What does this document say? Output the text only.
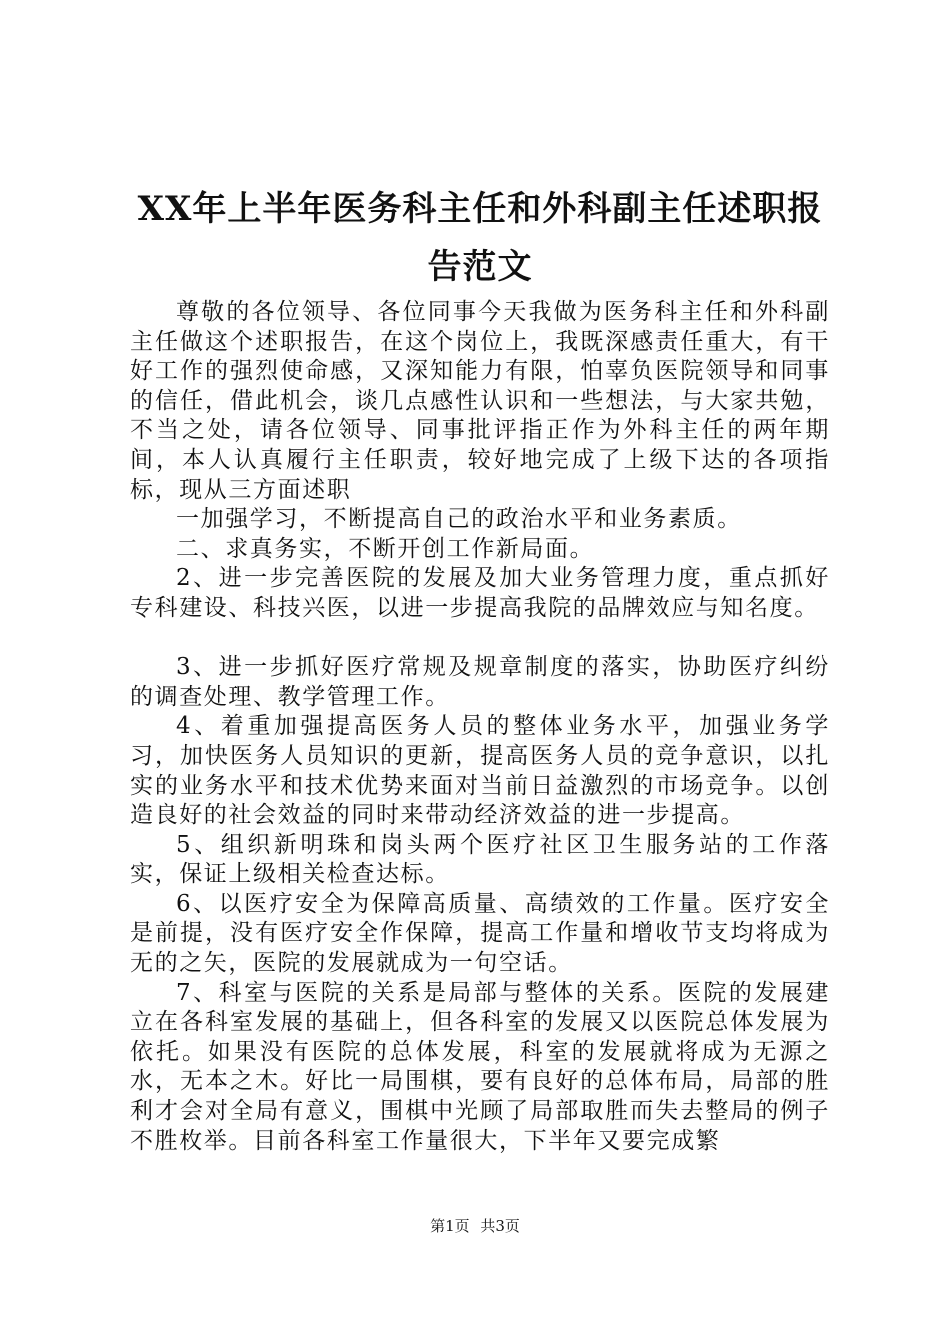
XX年上半年医务科主任和外科副主任述职报告范文

尊敬的各位领导、各位同事今天我做为医务科主任和外科副主任做这个述职报告，在这个岗位上，我既深感责任重大，有干好工作的强烈使命感，又深知能力有限，怕辜负医院领导和同事的信任，借此机会，谈几点感性认识和一些想法，与大家共勉，不当之处，请各位领导、同事批评指正作为外科主任的两年期间，本人认真履行主任职责，较好地完成了上级下达的各项指标，现从三方面述职

一加强学习，不断提高自己的政治水平和业务素质。

二、求真务实，不断开创工作新局面。

2、进一步完善医院的发展及加大业务管理力度，重点抓好专科建设、科技兴医，以进一步提高我院的品牌效应与知名度。

3、进一步抓好医疗常规及规章制度的落实，协助医疗纠纷的调查处理、教学管理工作。

4、着重加强提高医务人员的整体业务水平，加强业务学习，加快医务人员知识的更新，提高医务人员的竞争意识，以扎实的业务水平和技术优势来面对当前日益激烈的市场竞争。以创造良好的社会效益的同时来带动经济效益的进一步提高。

5、组织新明珠和岗头两个医疗社区卫生服务站的工作落实，保证上级相关检查达标。

6、以医疗安全为保障高质量、高绩效的工作量。医疗安全是前提，没有医疗安全作保障，提高工作量和增收节支均将成为无的之矢，医院的发展就成为一句空话。

7、科室与医院的关系是局部与整体的关系。医院的发展建立在各科室发展的基础上，但各科室的发展又以医院总体发展为依托。如果没有医院的总体发展，科室的发展就将成为无源之水，无本之木。好比一局围棋，要有良好的总体布局，局部的胜利才会对全局有意义，围棋中光顾了局部取胜而失去整局的例子不胜枚举。目前各科室工作量很大，下半年又要完成繁

第1页 共3页
